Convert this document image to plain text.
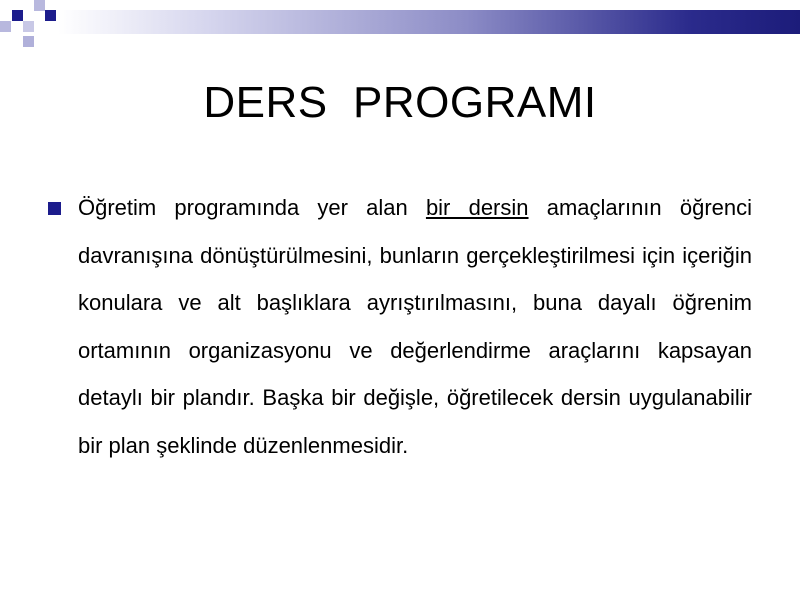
DERS  PROGRAMI

Öğretim programında yer alan bir dersin amaçlarının öğrenci davranışına dönüştürülmesini, bunların gerçekleştirilmesi için içeriğin konulara ve alt başlıklara ayrıştırılmasını, buna dayalı öğrenim ortamının organizasyonu ve değerlendirme araçlarını kapsayan detaylı bir plandır. Başka bir değişle, öğretilecek dersin uygulanabilir bir plan şeklinde düzenlenmesidir.
